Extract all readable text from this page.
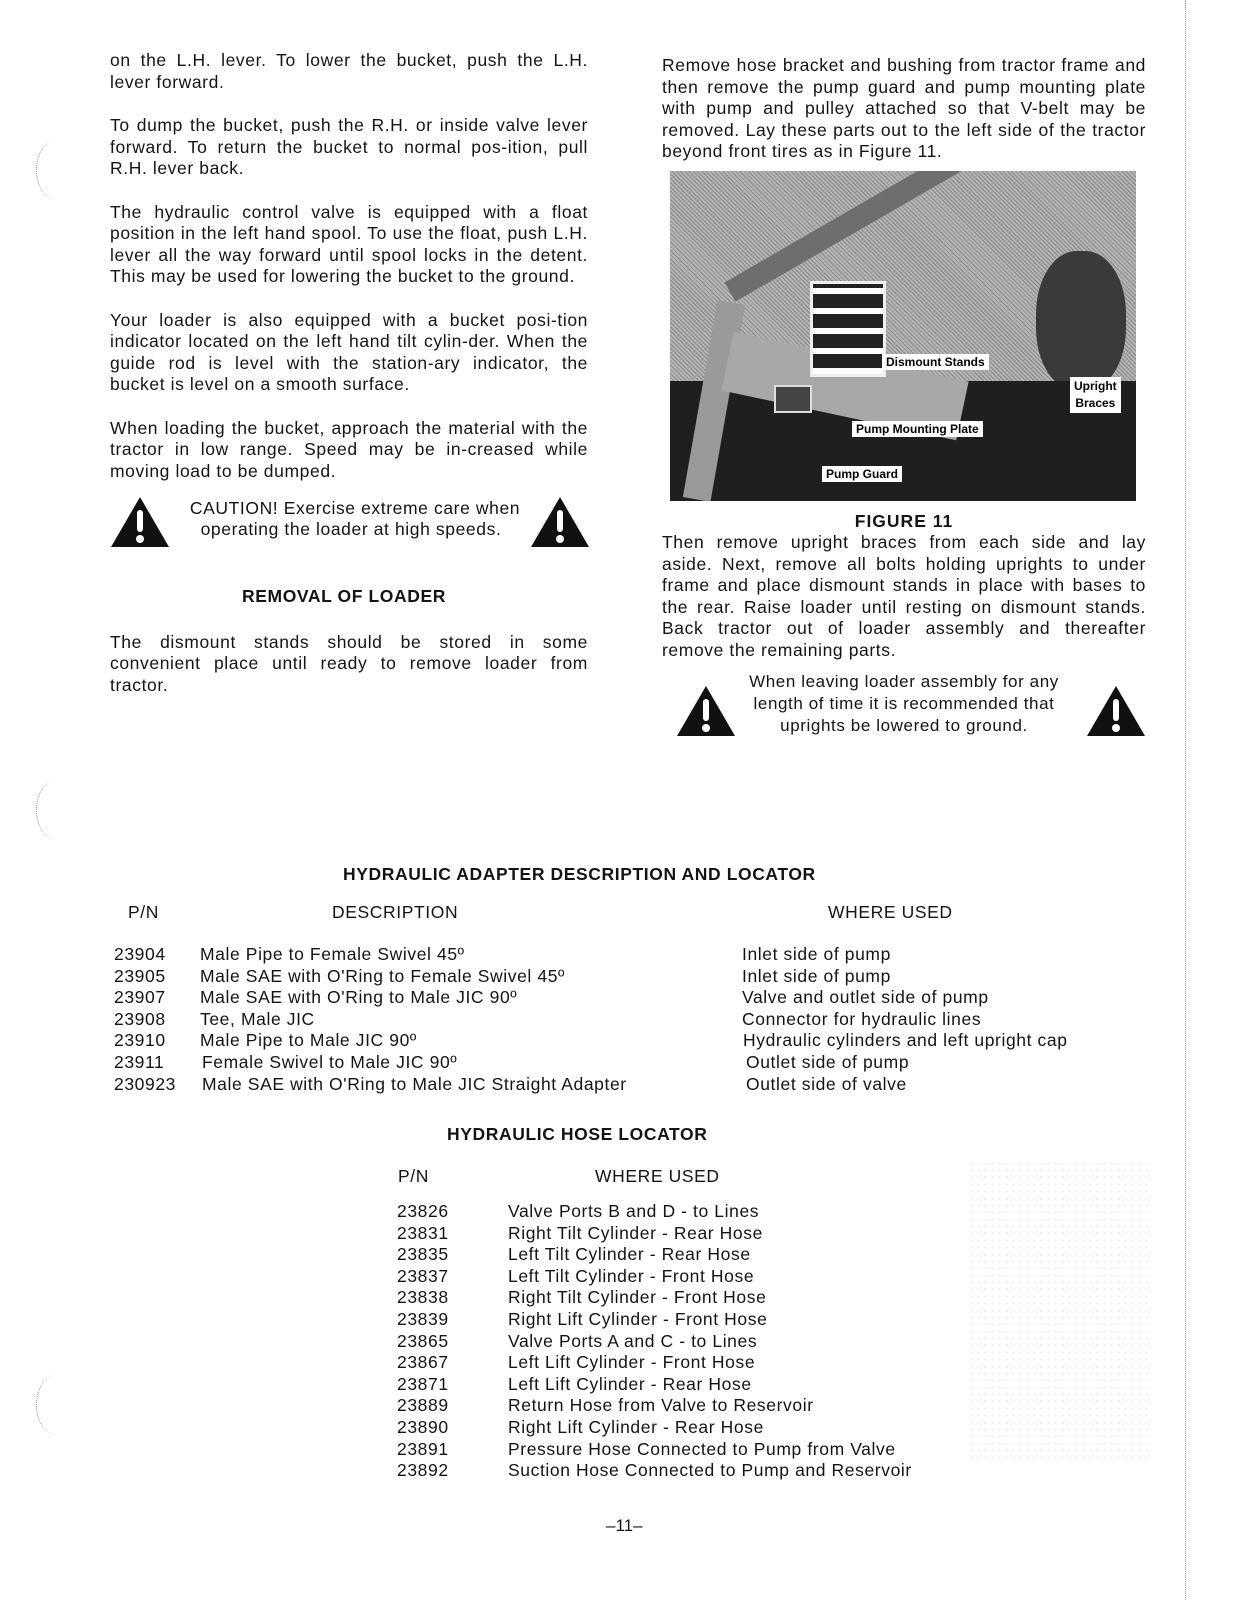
on the L.H. lever. To lower the bucket, push the L.H. lever forward.

To dump the bucket, push the R.H. or inside valve lever forward. To return the bucket to normal pos-ition, pull R.H. lever back.

The hydraulic control valve is equipped with a float position in the left hand spool. To use the float, push L.H. lever all the way forward until spool locks in the detent. This may be used for lowering the bucket to the ground.

Your loader is also equipped with a bucket posi-tion indicator located on the left hand tilt cylin-der. When the guide rod is level with the station-ary indicator, the bucket is level on a smooth surface.

When loading the bucket, approach the material with the tractor in low range. Speed may be in-creased while moving load to be dumped.

CAUTION! Exercise extreme care when
operating the loader at high speeds.
REMOVAL OF LOADER

The dismount stands should be stored in some convenient place until ready to remove loader from tractor.

Remove hose bracket and bushing from tractor frame and then remove the pump guard and pump mounting plate with pump and pulley attached so that V-belt may be removed. Lay these parts out to the left side of the tractor beyond front tires as in Figure 11.

Dismount Stands
Upright
Braces
Pump Mounting Plate
Pump Guard
FIGURE 11

Then remove upright braces from each side and lay aside. Next, remove all bolts holding uprights to under frame and place dismount stands in place with bases to the rear. Raise loader until resting on dismount stands. Back tractor out of loader assembly and thereafter remove the remaining parts.

When leaving loader assembly for any
length of time it is recommended that
uprights be lowered to ground.
HYDRAULIC ADAPTER DESCRIPTION AND LOCATOR
P/N	DESCRIPTION	WHERE USED
23904 Male Pipe to Female Swivel 45º	Inlet side of pump
23905 Male SAE with O'Ring to Female Swivel 45º	Inlet side of pump
23907 Male SAE with O'Ring to Male JIC 90º	Valve and outlet side of pump
23908 Tee, Male JIC	Connector for hydraulic lines
23910 Male Pipe to Male JIC 90º	Hydraulic cylinders and left upright cap
23911 Female Swivel to Male JIC 90º	Outlet side of pump
230923 Male SAE with O'Ring to Male JIC Straight Adapter	Outlet side of valve
HYDRAULIC HOSE LOCATOR
P/N	WHERE USED
23826	Valve Ports B and D - to Lines
23831	Right Tilt Cylinder - Rear Hose
23835	Left Tilt Cylinder - Rear Hose
23837	Left Tilt Cylinder - Front Hose
23838	Right Tilt Cylinder - Front Hose
23839	Right Lift Cylinder - Front Hose
23865	Valve Ports A and C - to Lines
23867	Left Lift Cylinder - Front Hose
23871	Left Lift Cylinder - Rear Hose
23889	Return Hose from Valve to Reservoir
23890	Right Lift Cylinder - Rear Hose
23891	Pressure Hose Connected to Pump from Valve
23892	Suction Hose Connected to Pump and Reservoir
–11–
